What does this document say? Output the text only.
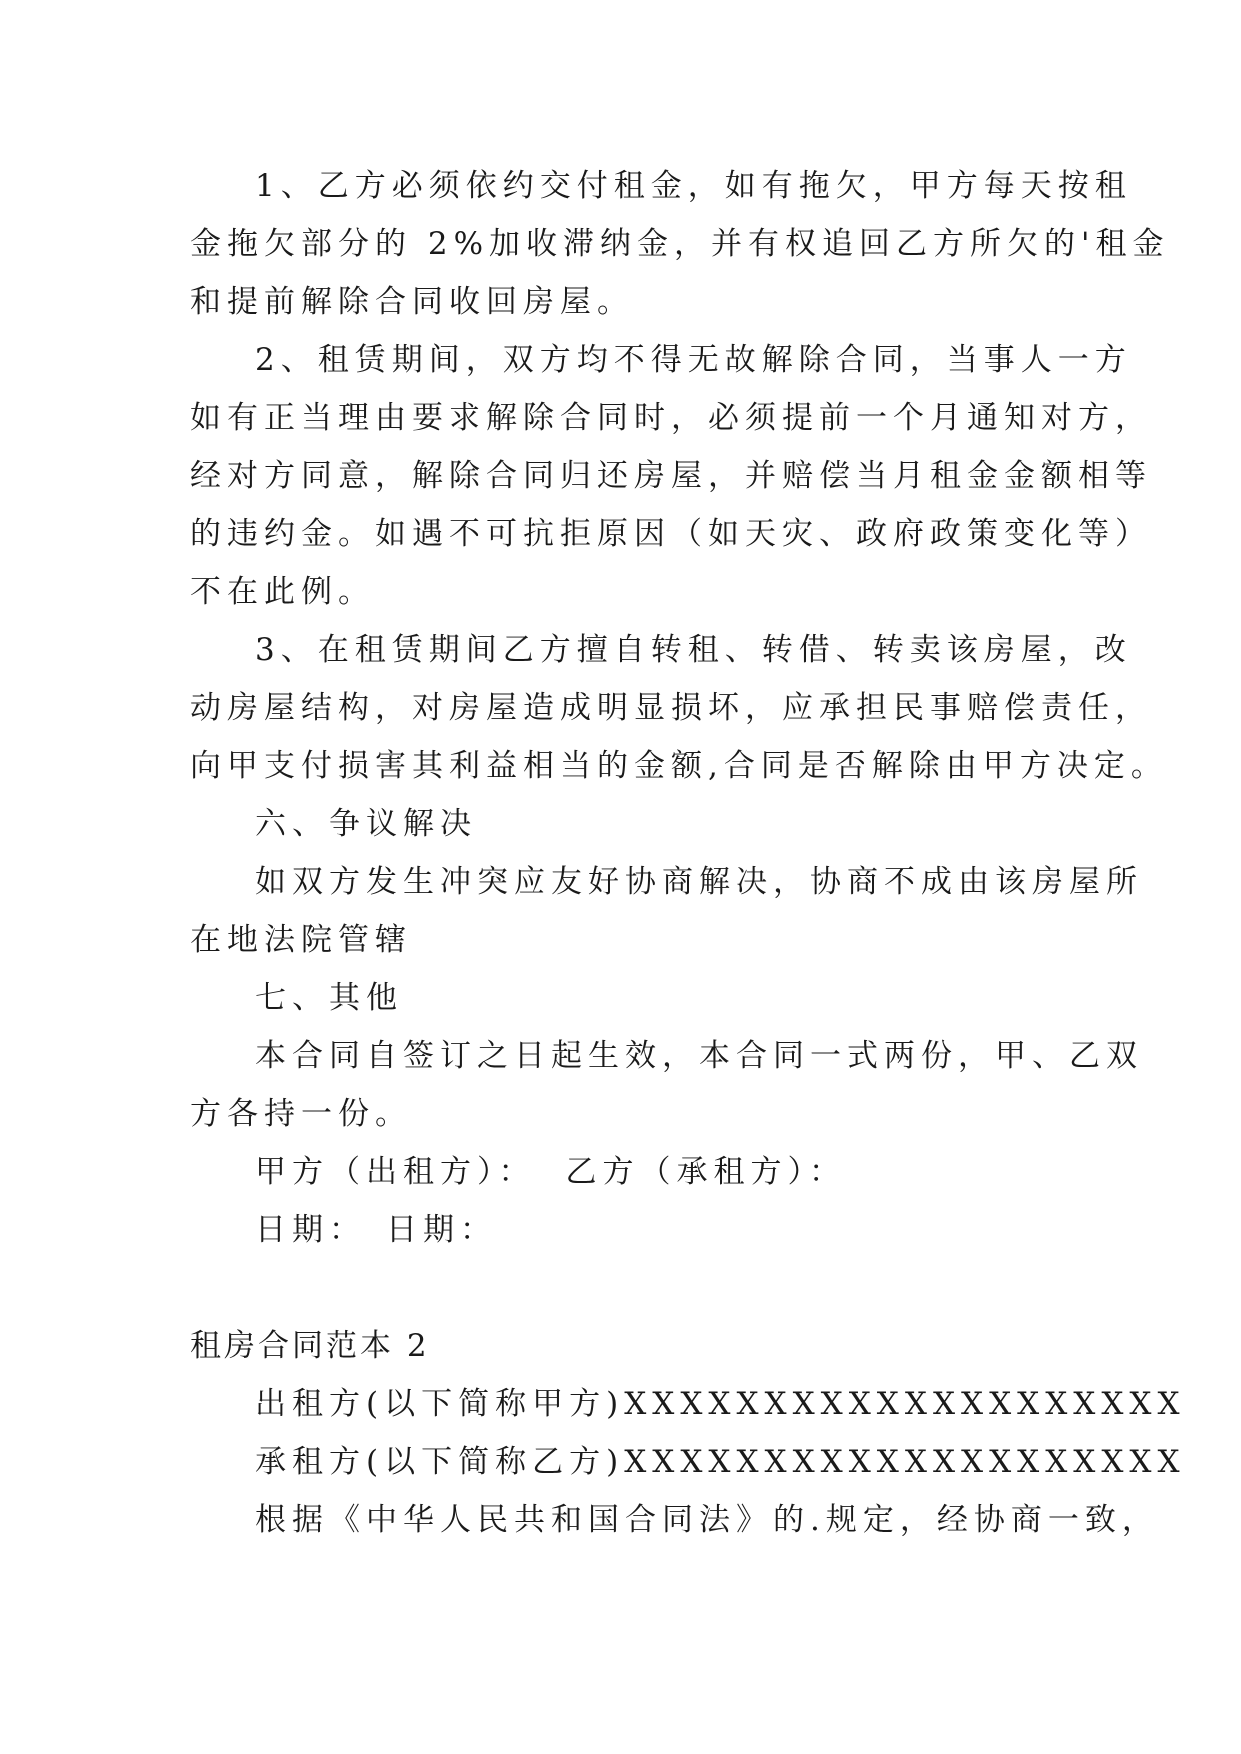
1、乙方必须依约交付租金，如有拖欠，甲方每天按租

金拖欠部分的 2%加收滞纳金，并有权追回乙方所欠的'租金

和提前解除合同收回房屋。

2、租赁期间，双方均不得无故解除合同，当事人一方

如有正当理由要求解除合同时，必须提前一个月通知对方，

经对方同意，解除合同归还房屋，并赔偿当月租金金额相等

的违约金。如遇不可抗拒原因（如天灾、政府政策变化等）

不在此例。

3、在租赁期间乙方擅自转租、转借、转卖该房屋，改

动房屋结构，对房屋造成明显损坏，应承担民事赔偿责任，

向甲支付损害其利益相当的金额,合同是否解除由甲方决定。

六、争议解决

如双方发生冲突应友好协商解决，协商不成由该房屋所

在地法院管辖

七、其他

本合同自签订之日起生效，本合同一式两份，甲、乙双

方各持一份。

甲方（出租方）： 乙方（承租方）：

日期： 日期：

租房合同范本 2

出租方(以下简称甲方)XXXXXXXXXXXXXXXXXXXX

承租方(以下简称乙方)XXXXXXXXXXXXXXXXXXXX

根据《中华人民共和国合同法》的.规定，经协商一致，
